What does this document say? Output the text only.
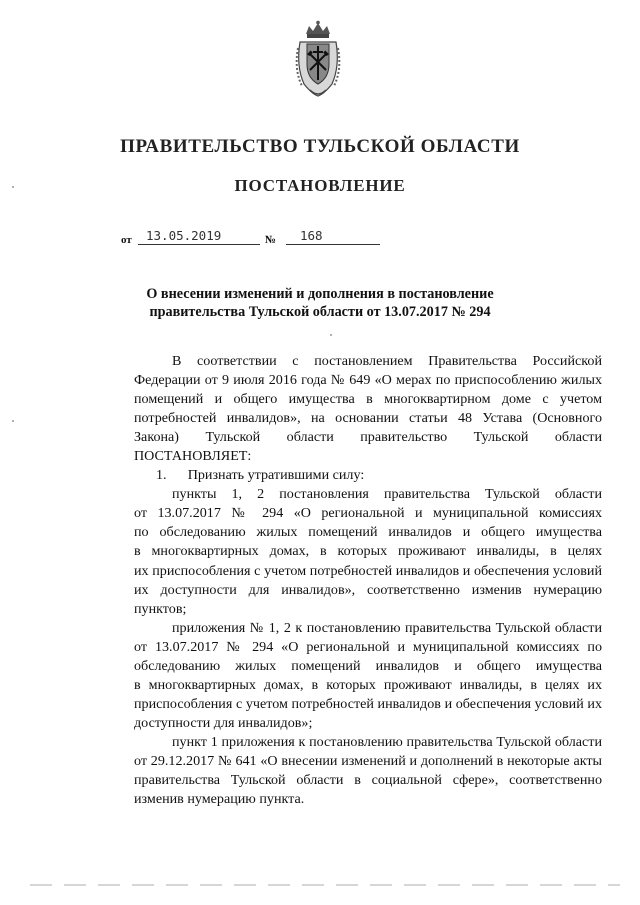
ПРАВИТЕЛЬСТВО ТУЛЬСКОЙ ОБЛАСТИ
ПОСТАНОВЛЕНИЕ
от 13.05.2019	№ 168
О внесении изменений и дополнения в постановление
правительства Тульской области от 13.07.2017 № 294

В соответствии с постановлением Правительства Российской
Федерации от 9 июля 2016 года № 649 «О мерах по приспособлению жилых
помещений и общего имущества в многоквартирном доме с учетом
потребностей инвалидов», на основании статьи 48 Устава (Основного
Закона) Тульской области правительство Тульской области
ПОСТАНОВЛЯЕТ:

1.      Признать утратившими силу:

пункты 1, 2 постановления правительства Тульской области
от 13.07.2017 № 294 «О региональной и муниципальной комиссиях
по обследованию жилых помещений инвалидов и общего имущества
в многоквартирных домах, в которых проживают инвалиды, в целях
их приспособления с учетом потребностей инвалидов и обеспечения условий
их доступности для инвалидов», соответственно изменив нумерацию
пунктов;

приложения № 1, 2 к постановлению правительства Тульской области
от 13.07.2017 № 294 «О региональной и муниципальной комиссиях по
обследованию жилых помещений инвалидов и общего имущества
в многоквартирных домах, в которых проживают инвалиды, в целях их
приспособления с учетом потребностей инвалидов и обеспечения условий их
доступности для инвалидов»;

пункт 1 приложения к постановлению правительства Тульской области
от 29.12.2017 № 641 «О внесении изменений и дополнений в некоторые акты
правительства Тульской области в социальной сфере», соответственно
изменив нумерацию пункта.
